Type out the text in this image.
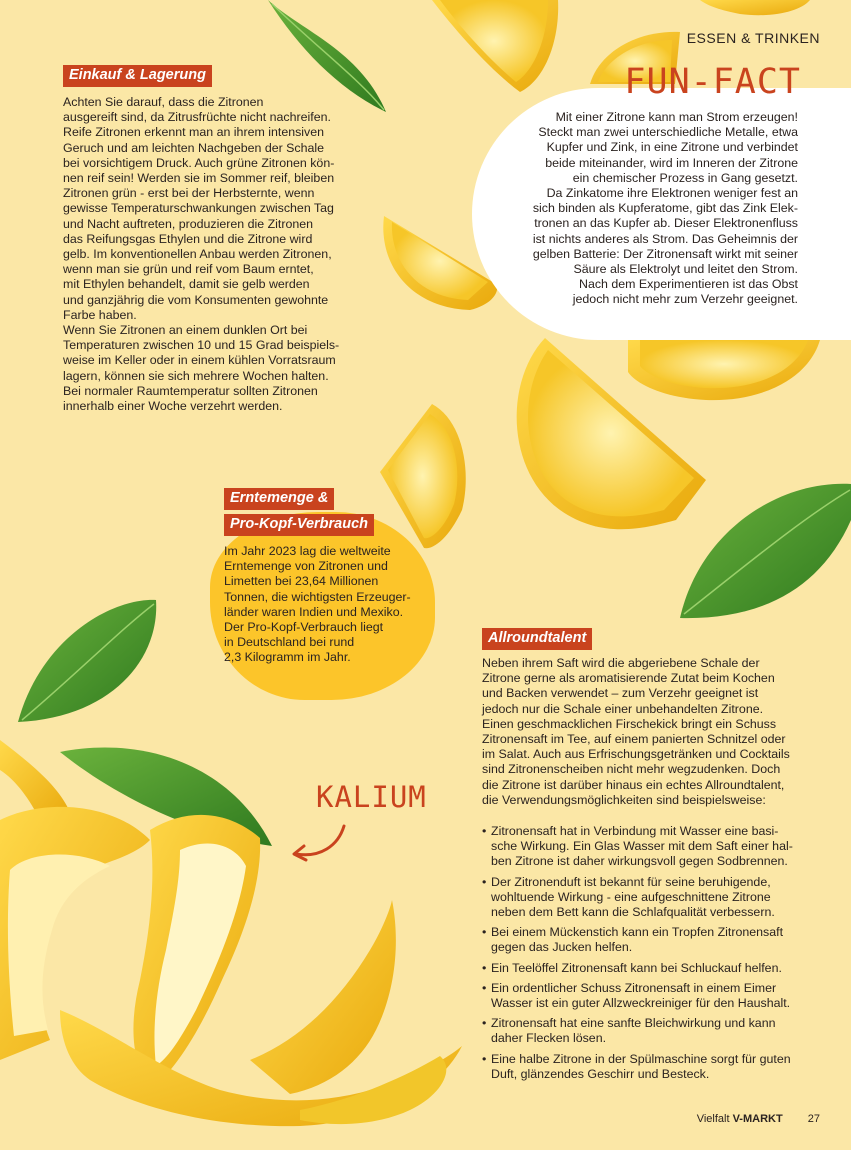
ESSEN & TRINKEN
FUN-FACT
Mit einer Zitrone kann man Strom erzeugen!
Steckt man zwei unterschiedliche Metalle, etwa
Kupfer und Zink, in eine Zitrone und verbindet
beide miteinander, wird im Inneren der Zitrone
ein chemischer Prozess in Gang gesetzt.
Da Zinkatome ihre Elektronen weniger fest an
sich binden als Kupferatome, gibt das Zink Elek-
tronen an das Kupfer ab. Dieser Elektronenfluss
ist nichts anderes als Strom. Das Geheimnis der
gelben Batterie: Der Zitronensaft wirkt mit seiner
Säure als Elektrolyt und leitet den Strom.
Nach dem Experimentieren ist das Obst
jedoch nicht mehr zum Verzehr geeignet.
Einkauf & Lagerung
Achten Sie darauf, dass die Zitronen
ausgereift sind, da Zitrusfrüchte nicht nachreifen.
Reife Zitronen erkennt man an ihrem intensiven
Geruch und am leichten Nachgeben der Schale
bei vorsichtigem Druck. Auch grüne Zitronen kön-
nen reif sein! Werden sie im Sommer reif, bleiben
Zitronen grün - erst bei der Herbsternte, wenn
gewisse Temperaturschwankungen zwischen Tag
und Nacht auftreten, produzieren die Zitronen
das Reifungsgas Ethylen und die Zitrone wird
gelb. Im konventionellen Anbau werden Zitronen,
wenn man sie grün und reif vom Baum erntet,
mit Ethylen behandelt, damit sie gelb werden
und ganzjährig die vom Konsumenten gewohnte
Farbe haben.
Wenn Sie Zitronen an einem dunklen Ort bei
Temperaturen zwischen 10 und 15 Grad beispiels-
weise im Keller oder in einem kühlen Vorratsraum
lagern, können sie sich mehrere Wochen halten.
Bei normaler Raumtemperatur sollten Zitronen
innerhalb einer Woche verzehrt werden.
Erntemenge &
Pro-Kopf-Verbrauch
Im Jahr 2023 lag die weltweite
Erntemenge von Zitronen und
Limetten bei 23,64 Millionen
Tonnen, die wichtigsten Erzeuger-
länder waren Indien und Mexiko.
Der Pro-Kopf-Verbrauch liegt
in Deutschland bei rund
2,3 Kilogramm im Jahr.
KALIUM
Allroundtalent
Neben ihrem Saft wird die abgeriebene Schale der
Zitrone gerne als aromatisierende Zutat beim Kochen
und Backen verwendet – zum Verzehr geeignet ist
jedoch nur die Schale einer unbehandelten Zitrone.
Einen geschmacklichen Firschekick bringt ein Schuss
Zitronensaft im Tee, auf einem panierten Schnitzel oder
im Salat. Auch aus Erfrischungsgetränken und Cocktails
sind Zitronenscheiben nicht mehr wegzudenken. Doch
die Zitrone ist darüber hinaus ein echtes Allroundtalent,
die Verwendungsmöglichkeiten sind beispielsweise:
• Zitronensaft hat in Verbindung mit Wasser eine basi-
sche Wirkung. Ein Glas Wasser mit dem Saft einer hal-
ben Zitrone ist daher wirkungsvoll gegen Sodbrennen.
• Der Zitronenduft ist bekannt für seine beruhigende,
wohltuende Wirkung - eine aufgeschnittene Zitrone
neben dem Bett kann die Schlafqualität verbessern.
• Bei einem Mückenstich kann ein Tropfen Zitronensaft
gegen das Jucken helfen.
• Ein Teelöffel Zitronensaft kann bei Schluckauf helfen.
• Ein ordentlicher Schuss Zitronensaft in einem Eimer
Wasser ist ein guter Allzweckreiniger für den Haushalt.
• Zitronensaft hat eine sanfte Bleichwirkung und kann
daher Flecken lösen.
• Eine halbe Zitrone in der Spülmaschine sorgt für guten
Duft, glänzendes Geschirr und Besteck.
Vielfalt V-MARKT 27
